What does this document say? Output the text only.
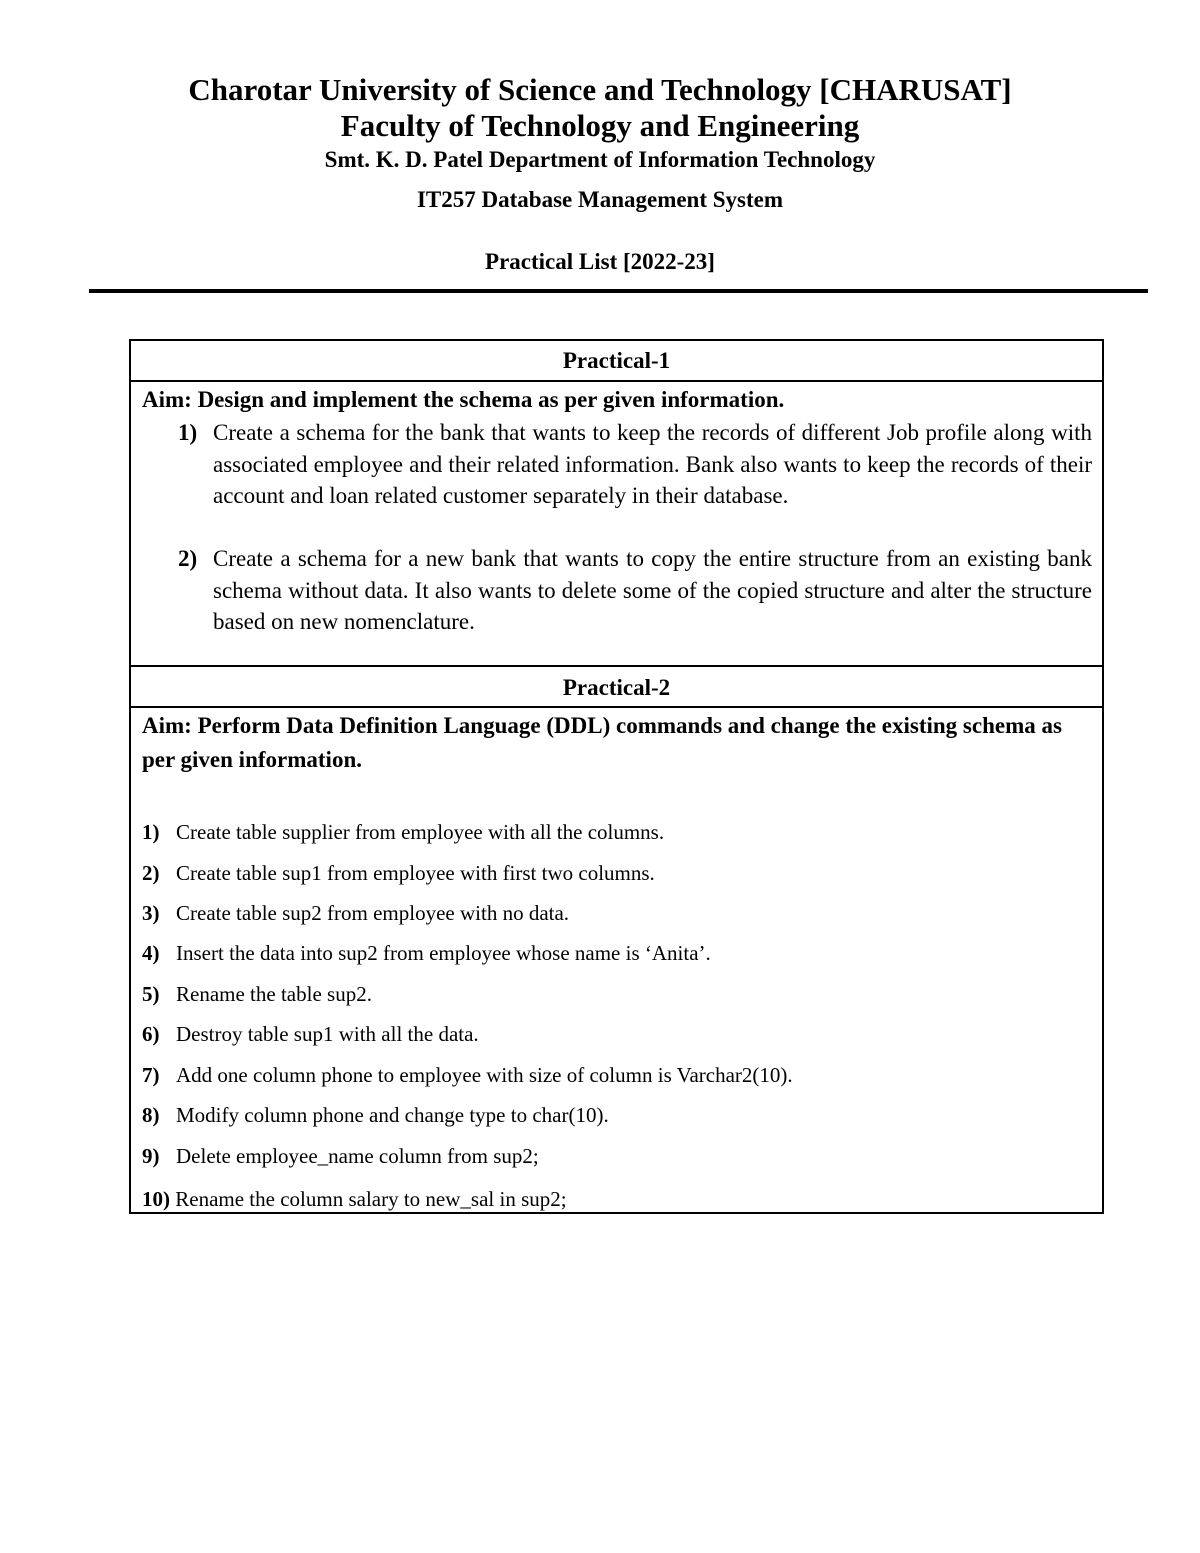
Charotar University of Science and Technology [CHARUSAT]
Faculty of Technology and Engineering
Smt. K. D. Patel Department of Information Technology
IT257 Database Management System
Practical List [2022-23]
Practical-1
Aim: Design and implement the schema as per given information.
1) Create a schema for the bank that wants to keep the records of different Job profile along with associated employee and their related information. Bank also wants to keep the records of their account and loan related customer separately in their database.
2) Create a schema for a new bank that wants to copy the entire structure from an existing bank schema without data. It also wants to delete some of the copied structure and alter the structure based on new nomenclature.
Practical-2
Aim: Perform Data Definition Language (DDL) commands and change the existing schema as per given information.
1) Create table supplier from employee with all the columns.
2) Create table sup1 from employee with first two columns.
3) Create table sup2 from employee with no data.
4) Insert the data into sup2 from employee whose name is ‘Anita’.
5) Rename the table sup2.
6) Destroy table sup1 with all the data.
7) Add one column phone to employee with size of column is Varchar2(10).
8) Modify column phone and change type to char(10).
9) Delete employee_name column from sup2;
10) Rename the column salary to new_sal in sup2;
